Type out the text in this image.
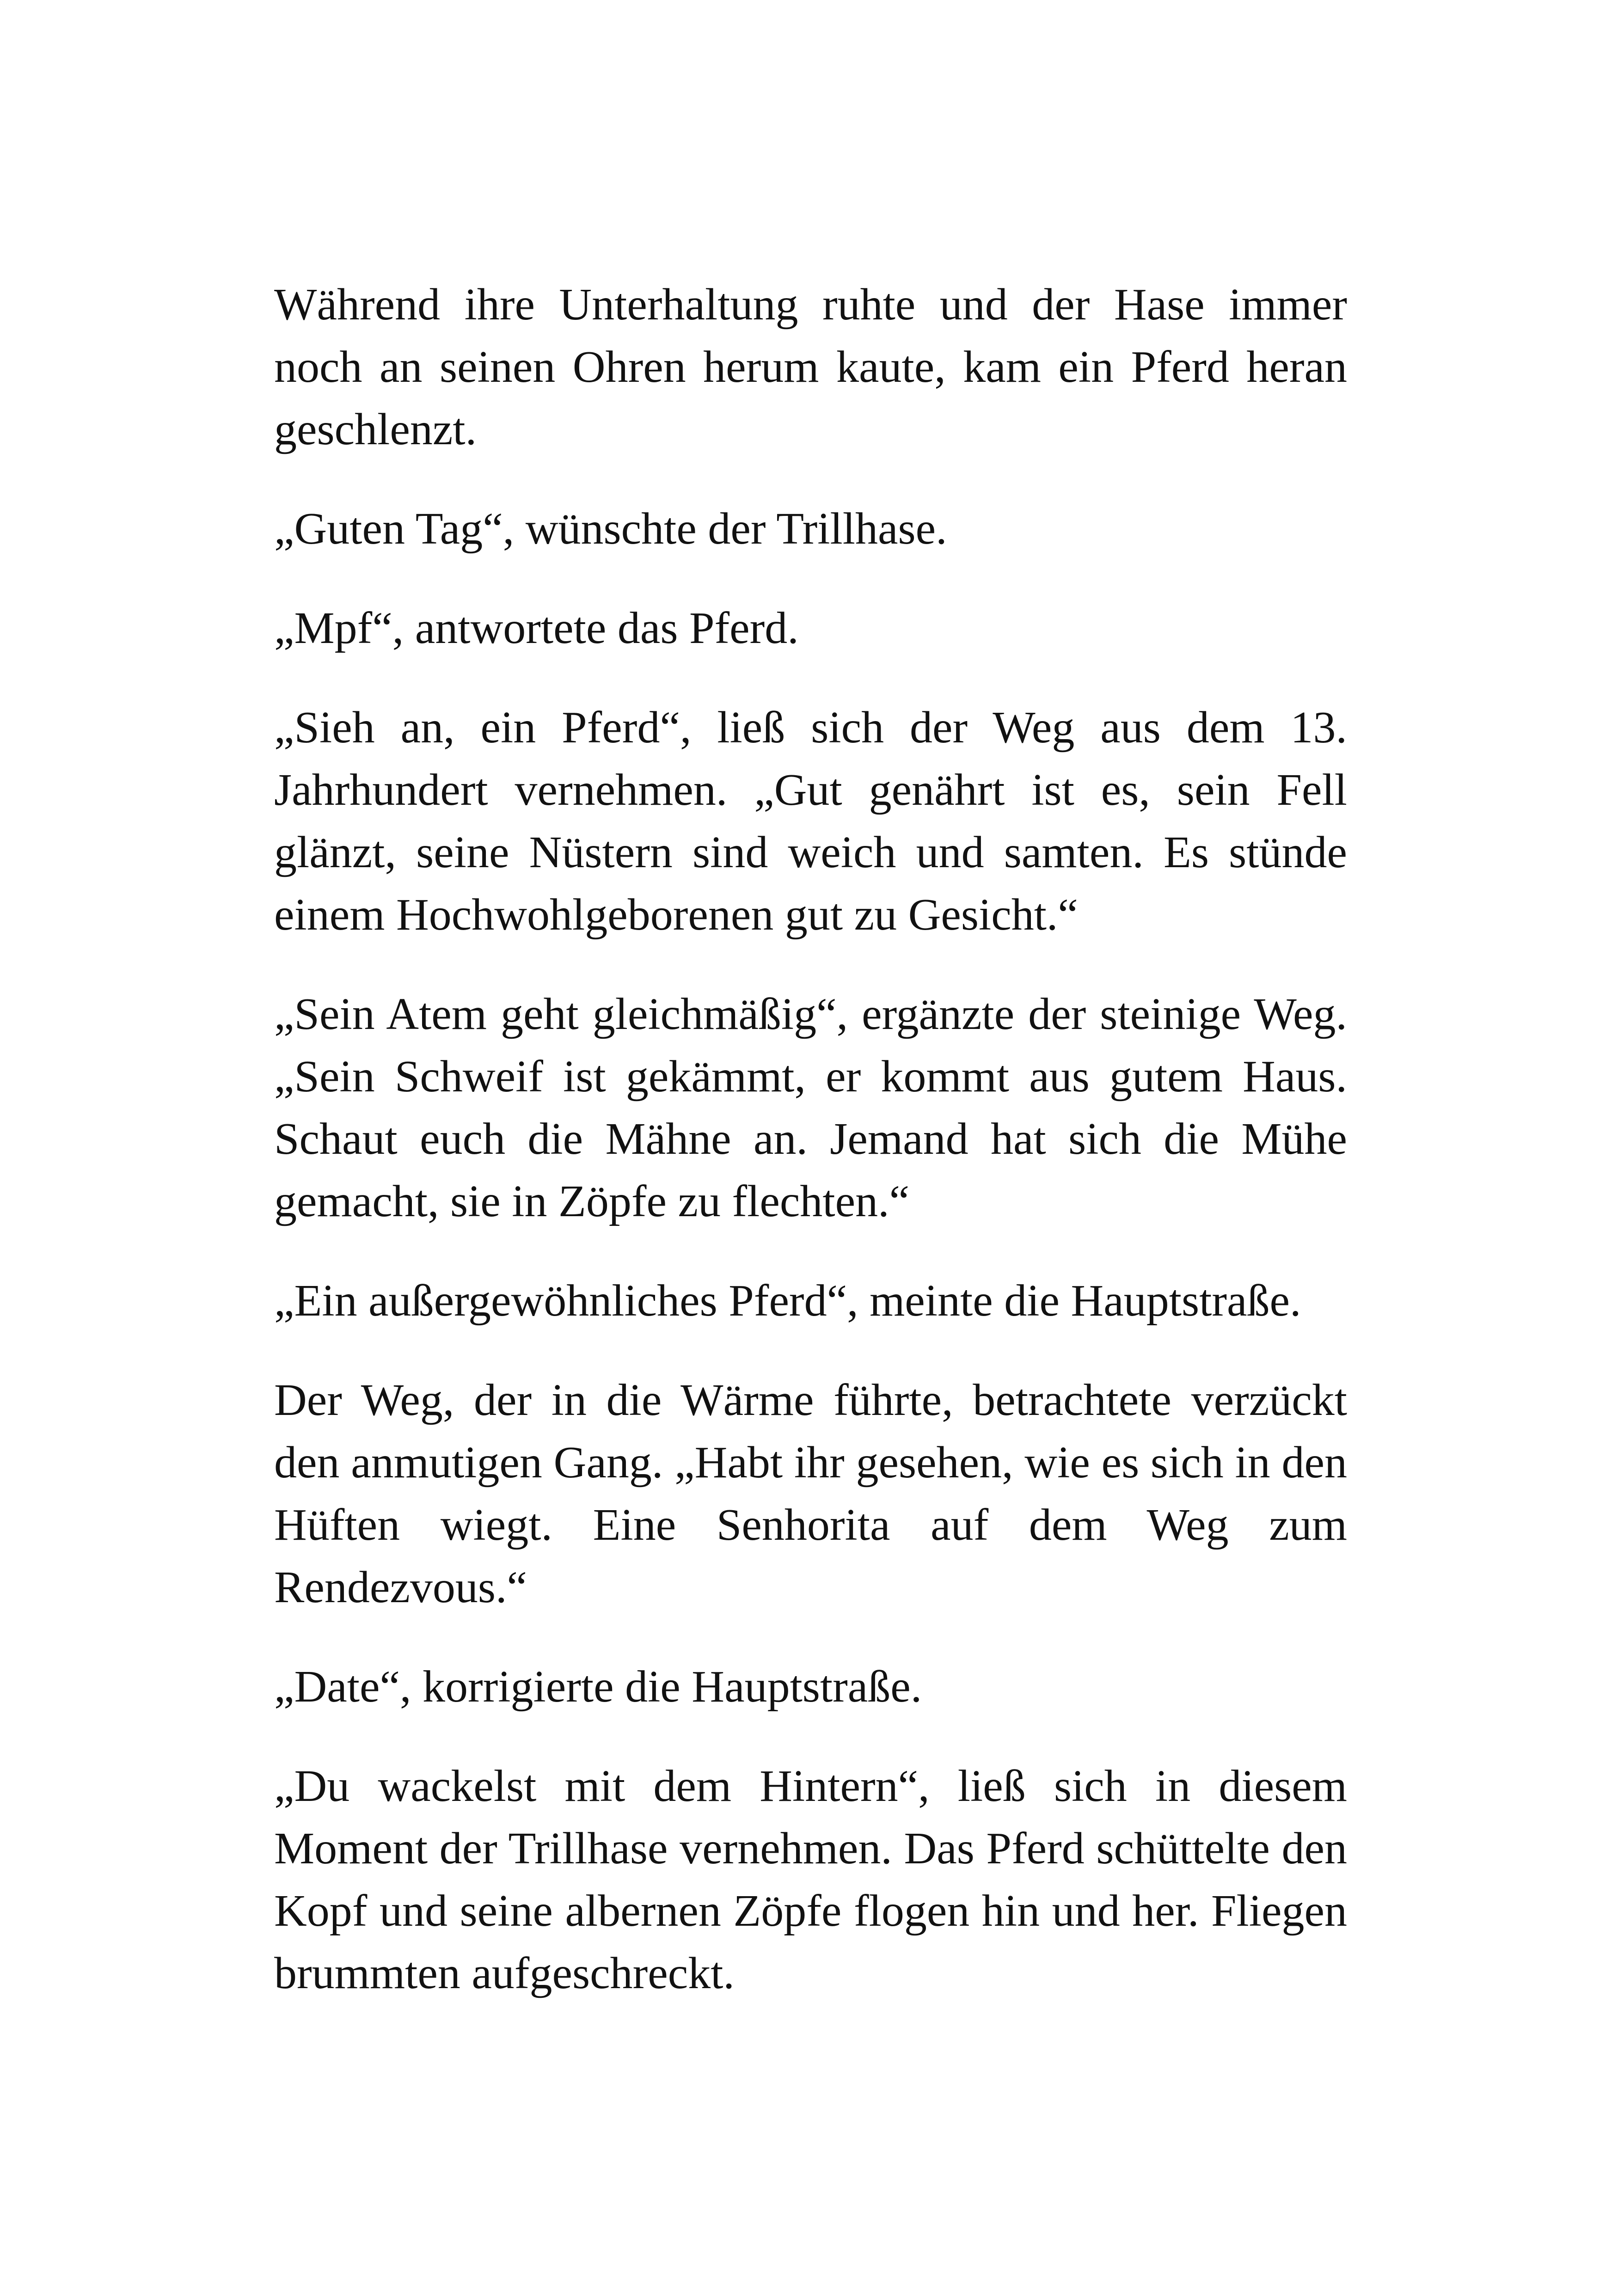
Während ihre Unterhaltung ruhte und der Hase immer noch an seinen Ohren herum kaute, kam ein Pferd heran geschlenzt.

„Guten Tag“, wünschte der Trillhase.

„Mpf“, antwortete das Pferd.

„Sieh an, ein Pferd“, ließ sich der Weg aus dem 13. Jahrhundert vernehmen. „Gut genährt ist es, sein Fell glänzt, seine Nüstern sind weich und samten. Es stünde einem Hochwohlgeborenen gut zu Gesicht.“

„Sein Atem geht gleichmäßig“, ergänzte der steinige Weg. „Sein Schweif ist gekämmt, er kommt aus gutem Haus. Schaut euch die Mähne an. Jemand hat sich die Mühe gemacht, sie in Zöpfe zu flechten.“

„Ein außergewöhnliches Pferd“, meinte die Hauptstraße.

Der Weg, der in die Wärme führte, betrachtete verzückt den anmutigen Gang. „Habt ihr gesehen, wie es sich in den Hüften wiegt. Eine Senhorita auf dem Weg zum Rendezvous.“

„Date“, korrigierte die Hauptstraße.

„Du wackelst mit dem Hintern“, ließ sich in diesem Moment der Trillhase vernehmen. Das Pferd schüttelte den Kopf und seine albernen Zöpfe flogen hin und her. Fliegen brummten aufgeschreckt.
